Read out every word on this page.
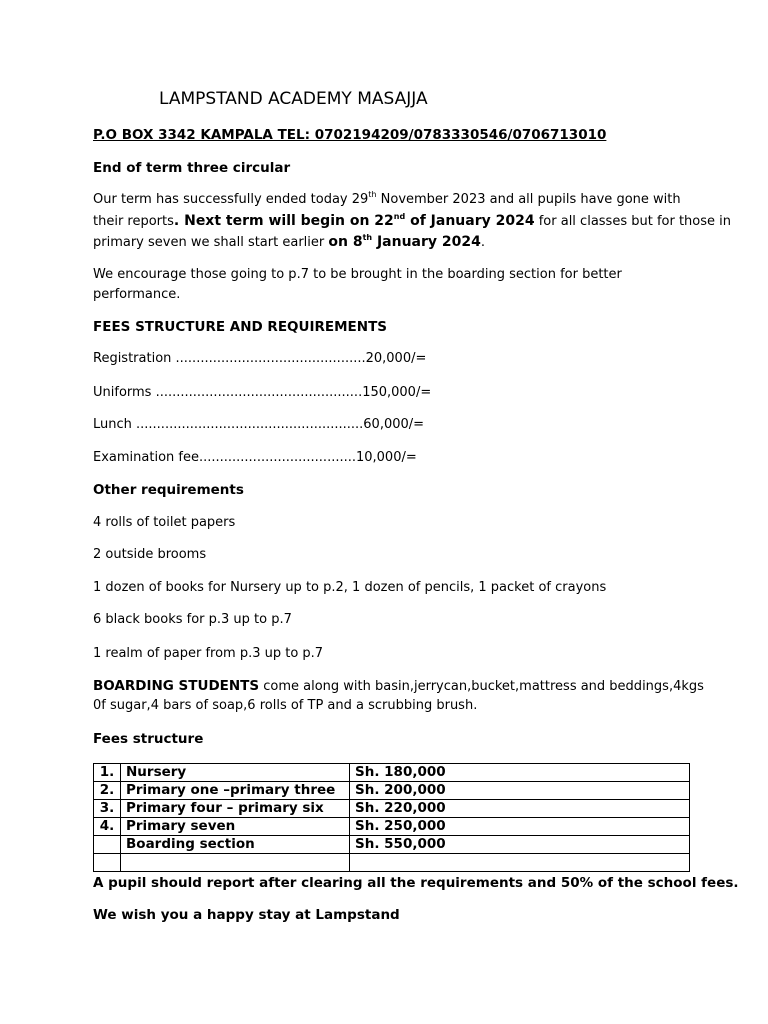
LAMPSTAND ACADEMY MASAJJA
P.O BOX 3342 KAMPALA TEL: 0702194209/0783330546/0706713010
End of term three circular
Our term has successfully ended today 29th November 2023 and all pupils have gone with
their reports. Next term will begin on 22nd of January 2024 for all classes but for those in
primary seven we shall start earlier on 8th January 2024.
We encourage those going to p.7 to be brought in the boarding section for better
performance.
FEES STRUCTURE AND REQUIREMENTS
Registration ..............................................20,000/=
Uniforms ..................................................150,000/=
Lunch .......................................................60,000/=
Examination fee......................................10,000/=
Other requirements
4 rolls of toilet papers
2 outside brooms
1 dozen of books for Nursery up to p.2, 1 dozen of pencils, 1 packet of crayons
6 black books for p.3 up to p.7
1 realm of paper from p.3 up to p.7
BOARDING STUDENTS come along with basin,jerrycan,bucket,mattress and beddings,4kgs
0f sugar,4 bars of soap,6 rolls of TP and a scrubbing brush.
Fees structure
1.	Nursery	Sh. 180,000
2.	Primary one –primary three	Sh. 200,000
3.	Primary four – primary six	Sh. 220,000
4.	Primary seven	Sh. 250,000
	Boarding section	Sh. 550,000

A pupil should report after clearing all the requirements and 50% of the school fees.
We wish you a happy stay at Lampstand
